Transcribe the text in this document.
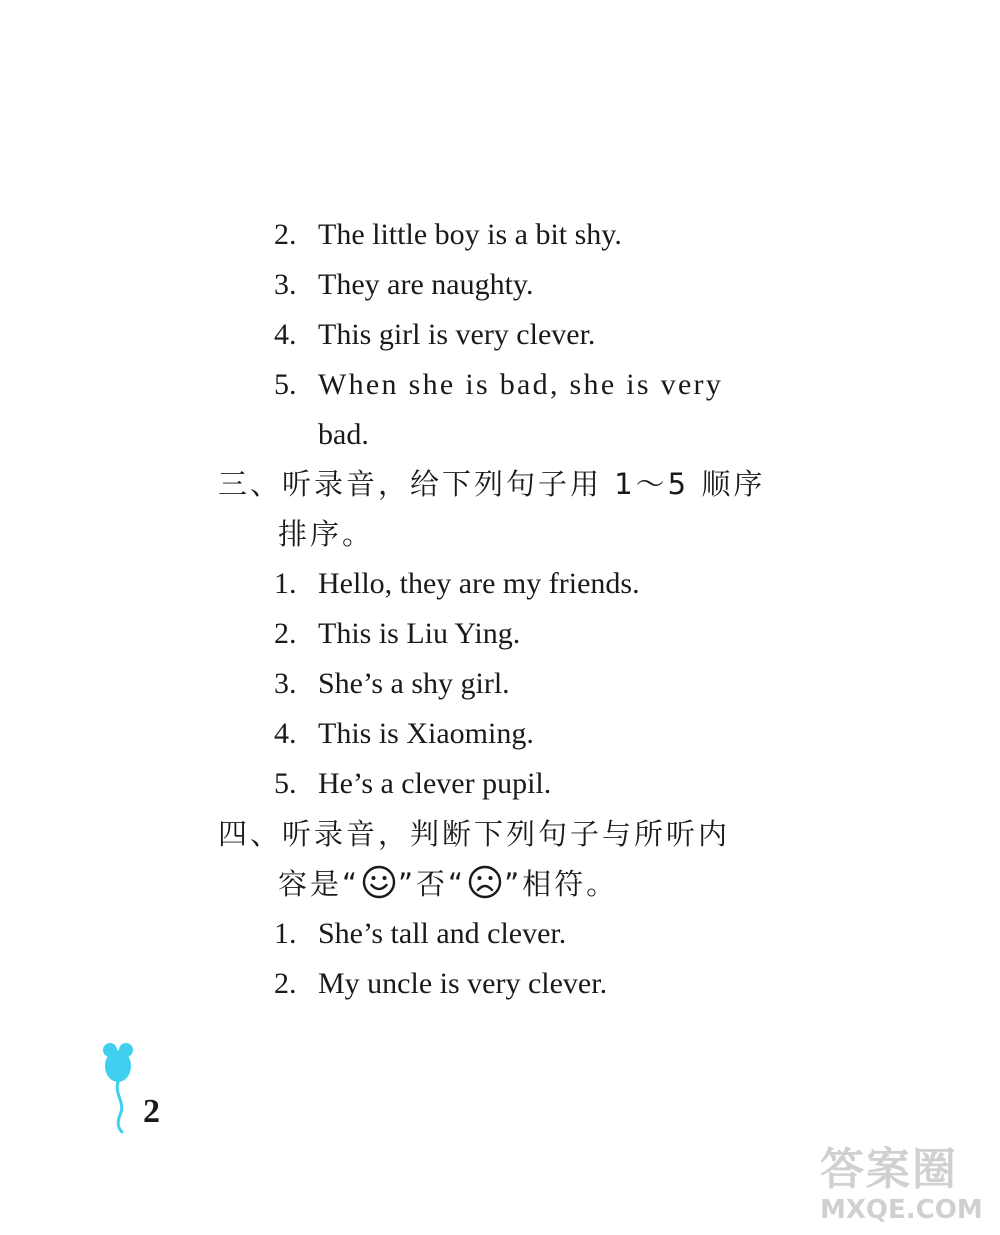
2. The little boy is a bit shy.
3. They are naughty.
4. This girl is very clever.
5. When she is bad, she is very
bad.
三、听录音，给下列句子用 1～5 顺序
排序。
1. Hello, they are my friends.
2. This is Liu Ying.
3. She’s a shy girl.
4. This is Xiaoming.
5. He’s a clever pupil.
四、听录音，判断下列句子与所听内
容是“ ”否“ ”相符。
1. She’s tall and clever.
2. My uncle is very clever.
2
答案圈
MXQE.COM
